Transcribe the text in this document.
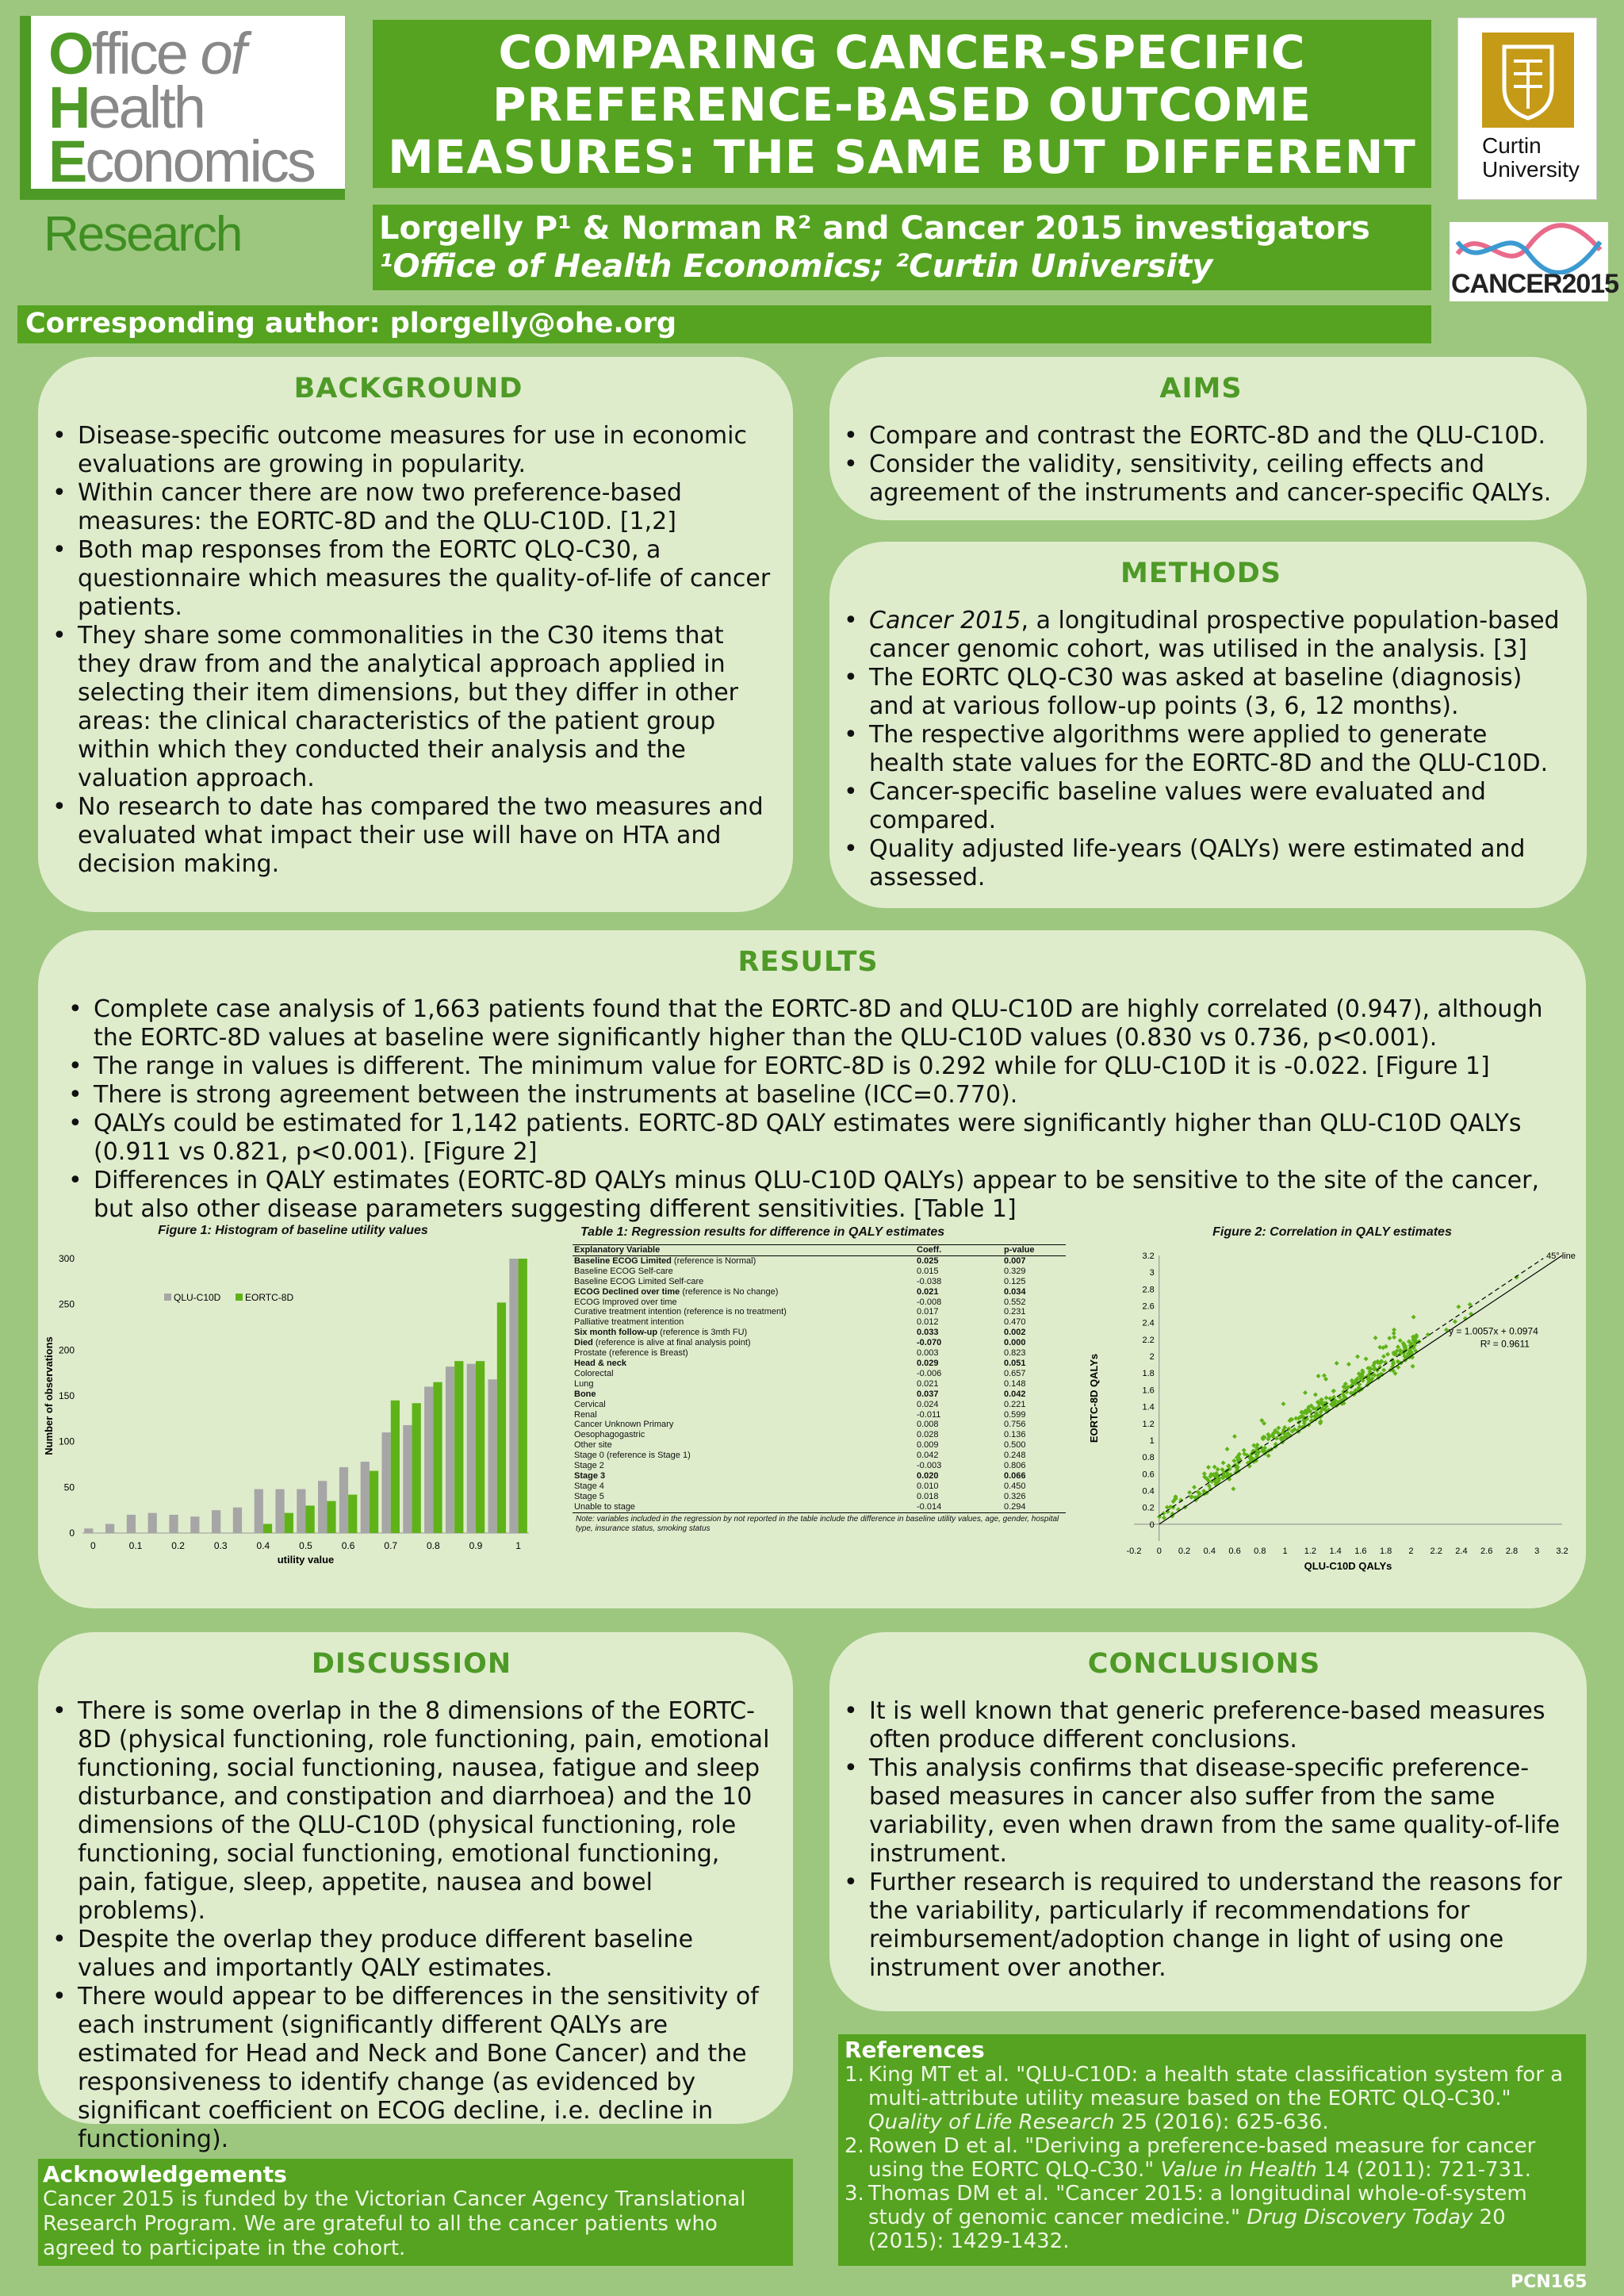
Office of
Health
Economics
Research
COMPARING CANCER-SPECIFIC PREFERENCE-BASED OUTCOME MEASURES: THE SAME BUT DIFFERENT
Lorgelly P¹ & Norman R² and Cancer 2015 investigators
¹Office of Health Economics; ²Curtin University
Corresponding author: plorgelly@ohe.org
Curtin
University
CANCER2015
BACKGROUND
• Disease-specific outcome measures for use in economic evaluations are growing in popularity.
• Within cancer there are now two preference-based measures: the EORTC-8D and the QLU-C10D. [1,2]
• Both map responses from the EORTC QLQ-C30, a questionnaire which measures the quality-of-life of cancer patients.
• They share some commonalities in the C30 items that they draw from and the analytical approach applied in selecting their item dimensions, but they differ in other areas: the clinical characteristics of the patient group within which they conducted their analysis and the valuation approach.
• No research to date has compared the two measures and evaluated what impact their use will have on HTA and decision making.
AIMS
• Compare and contrast the EORTC-8D and the QLU-C10D.
• Consider the validity, sensitivity, ceiling effects and agreement of the instruments and cancer-specific QALYs.
METHODS
• Cancer 2015, a longitudinal prospective population-based cancer genomic cohort, was utilised in the analysis. [3]
• The EORTC QLQ-C30 was asked at baseline (diagnosis) and at various follow-up points (3, 6, 12 months).
• The respective algorithms were applied to generate health state values for the EORTC-8D and the QLU-C10D.
• Cancer-specific baseline values were evaluated and compared.
• Quality adjusted life-years (QALYs) were estimated and assessed.
RESULTS
• Complete case analysis of 1,663 patients found that the EORTC-8D and QLU-C10D are highly correlated (0.947), although the EORTC-8D values at baseline were significantly higher than the QLU-C10D values (0.830 vs 0.736, p<0.001).
• The range in values is different. The minimum value for EORTC-8D is 0.292 while for QLU-C10D it is -0.022. [Figure 1]
• There is strong agreement between the instruments at baseline (ICC=0.770).
• QALYs could be estimated for 1,142 patients. EORTC-8D QALY estimates were significantly higher than QLU-C10D QALYs (0.911 vs 0.821, p<0.001). [Figure 2]
• Differences in QALY estimates (EORTC-8D QALYs minus QLU-C10D QALYs) appear to be sensitive to the site of the cancer, but also other disease parameters suggesting different sensitivities. [Table 1]
Figure 1: Histogram of baseline utility values
0
50
100
150
200
250
300
0	0.1	0.2	0.3	0.4	0.5	0.6	0.7	0.8	0.9	1
utility value
Number of observations
QLU-C10D	EORTC-8D
Table 1: Regression results for difference in QALY estimates
Explanatory Variable	Coeff.	p-value
Baseline ECOG Limited (reference is Normal)	0.025	0.007
Baseline ECOG Self-care	0.015	0.329
Baseline ECOG Limited Self-care	-0.038	0.125
ECOG Declined over time (reference is No change)	0.021	0.034
ECOG Improved over time	-0.008	0.552
Curative treatment intention (reference is no treatment)	0.017	0.231
Palliative treatment intention	0.012	0.470
Six month follow-up (reference is 3mth FU)	0.033	0.002
Died (reference is alive at final analysis point)	-0.070	0.000
Prostate (reference is Breast)	0.003	0.823
Head & neck	0.029	0.051
Colorectal	-0.006	0.657
Lung	0.021	0.148
Bone	0.037	0.042
Cervical	0.024	0.221
Renal	-0.011	0.599
Cancer Unknown Primary	0.008	0.756
Oesophagogastric	0.028	0.136
Other site	0.009	0.500
Stage 0 (reference is Stage 1)	0.042	0.248
Stage 2	-0.003	0.806
Stage 3	0.020	0.066
Stage 4	0.010	0.450
Stage 5	0.018	0.326
Unable to stage	-0.014	0.294
Note: variables included in the regression by not reported in the table include the difference in baseline utility values, age, gender, hospital type, insurance status, smoking status
Figure 2: Correlation in QALY estimates
-0.2 0
0
0.2
0.2
0.4
0.4
0.6
0.6
0.8
0.8
1
1
1.2
1.2
1.4
1.4
1.6
1.6
1.8
1.8
2
2
2.2
2.2
2.4
2.4
2.6
2.6
2.8
2.8
3
3
3.2
3.2	45° line
y = 1.0057x + 0.0974
R² = 0.9611
QLU-C10D QALYs
EORTC-8D QALYs
DISCUSSION
• There is some overlap in the 8 dimensions of the EORTC-8D (physical functioning, role functioning, pain, emotional functioning, social functioning, nausea, fatigue and sleep disturbance, and constipation and diarrhoea) and the 10 dimensions of the QLU-C10D (physical functioning, role functioning, social functioning, emotional functioning, pain, fatigue, sleep, appetite, nausea and bowel problems).
• Despite the overlap they produce different baseline values and importantly QALY estimates.
• There would appear to be differences in the sensitivity of each instrument (significantly different QALYs are estimated for Head and Neck and Bone Cancer) and the responsiveness to identify change (as evidenced by significant coefficient on ECOG decline, i.e. decline in functioning).
CONCLUSIONS
• It is well known that generic preference-based measures often produce different conclusions.
• This analysis confirms that disease-specific preference-based measures in cancer also suffer from the same variability, even when drawn from the same quality-of-life instrument.
• Further research is required to understand the reasons for the variability, particularly if recommendations for reimbursement/adoption change in light of using one instrument over another.
Acknowledgements
Cancer 2015 is funded by the Victorian Cancer Agency Translational Research Program. We are grateful to all the cancer patients who agreed to participate in the cohort.
References
1. King MT et al. "QLU-C10D: a health state classification system for a multi-attribute utility measure based on the EORTC QLQ-C30." Quality of Life Research 25 (2016): 625-636.
2. Rowen D et al. "Deriving a preference-based measure for cancer using the EORTC QLQ-C30." Value in Health 14 (2011): 721-731.
3. Thomas DM et al. "Cancer 2015: a longitudinal whole-of-system study of genomic cancer medicine." Drug Discovery Today 20 (2015): 1429-1432.
PCN165
